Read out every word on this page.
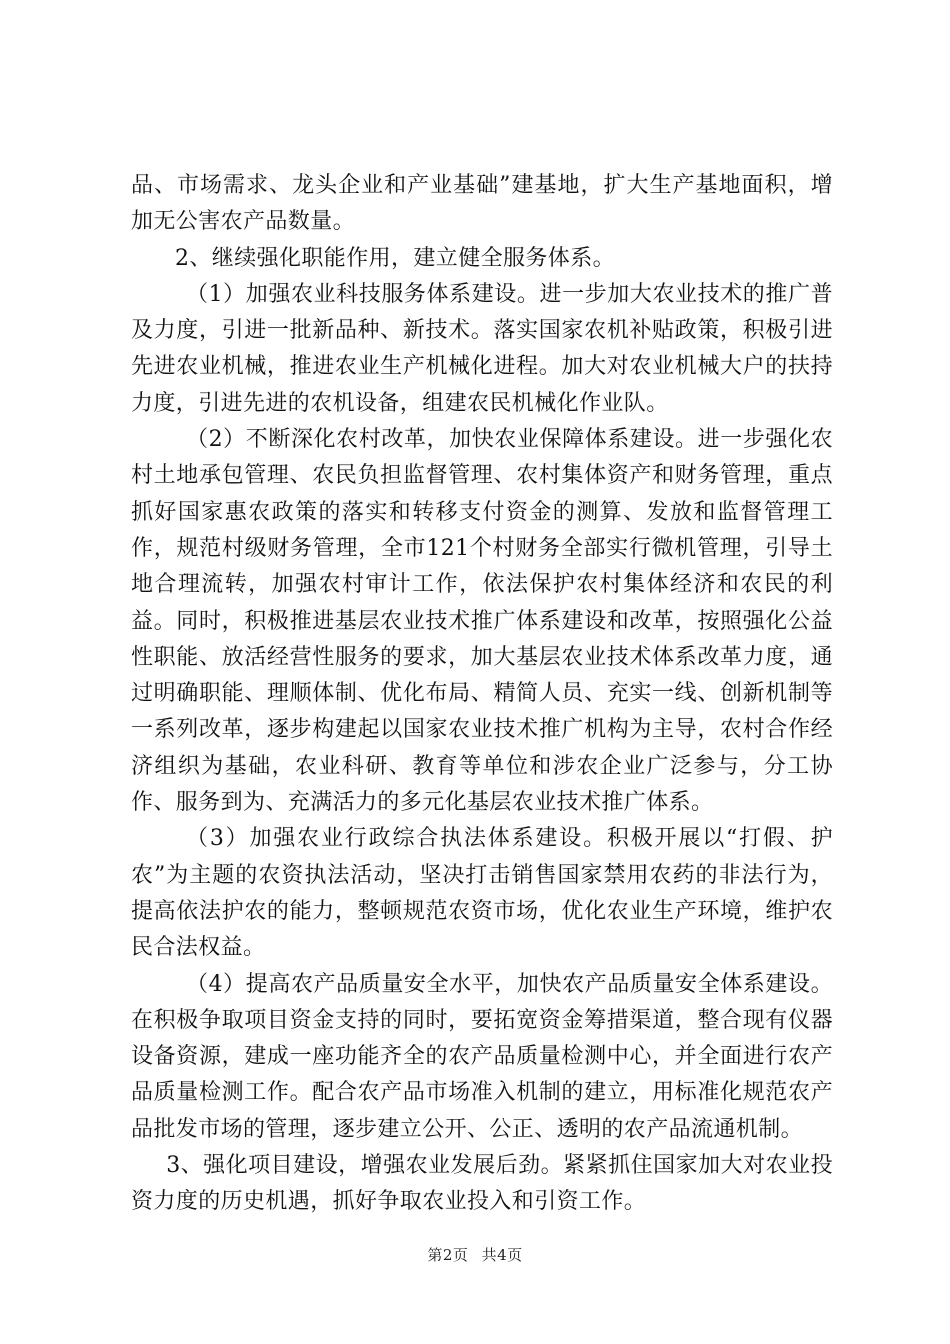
品、市场需求、龙头企业和产业基础”建基地，扩大生产基地面积，增加无公害农产品数量。

2、继续强化职能作用，建立健全服务体系。

（1）加强农业科技服务体系建设。进一步加大农业技术的推广普及力度，引进一批新品种、新技术。落实国家农机补贴政策，积极引进先进农业机械，推进农业生产机械化进程。加大对农业机械大户的扶持力度，引进先进的农机设备，组建农民机械化作业队。

（2）不断深化农村改革，加快农业保障体系建设。进一步强化农村土地承包管理、农民负担监督管理、农村集体资产和财务管理，重点抓好国家惠农政策的落实和转移支付资金的测算、发放和监督管理工作，规范村级财务管理，全市121个村财务全部实行微机管理，引导土地合理流转，加强农村审计工作，依法保护农村集体经济和农民的利益。同时，积极推进基层农业技术推广体系建设和改革，按照强化公益性职能、放活经营性服务的要求，加大基层农业技术体系改革力度，通过明确职能、理顺体制、优化布局、精简人员、充实一线、创新机制等一系列改革，逐步构建起以国家农业技术推广机构为主导，农村合作经济组织为基础，农业科研、教育等单位和涉农企业广泛参与，分工协作、服务到为、充满活力的多元化基层农业技术推广体系。

（3）加强农业行政综合执法体系建设。积极开展以“打假、护农”为主题的农资执法活动，坚决打击销售国家禁用农药的非法行为，提高依法护农的能力，整顿规范农资市场，优化农业生产环境，维护农民合法权益。

（4）提高农产品质量安全水平，加快农产品质量安全体系建设。在积极争取项目资金支持的同时，要拓宽资金筹措渠道，整合现有仪器设备资源，建成一座功能齐全的农产品质量检测中心，并全面进行农产品质量检测工作。配合农产品市场准入机制的建立，用标准化规范农产品批发市场的管理，逐步建立公开、公正、透明的农产品流通机制。

3、强化项目建设，增强农业发展后劲。紧紧抓住国家加大对农业投资力度的历史机遇，抓好争取农业投入和引资工作。

第2页 共4页
